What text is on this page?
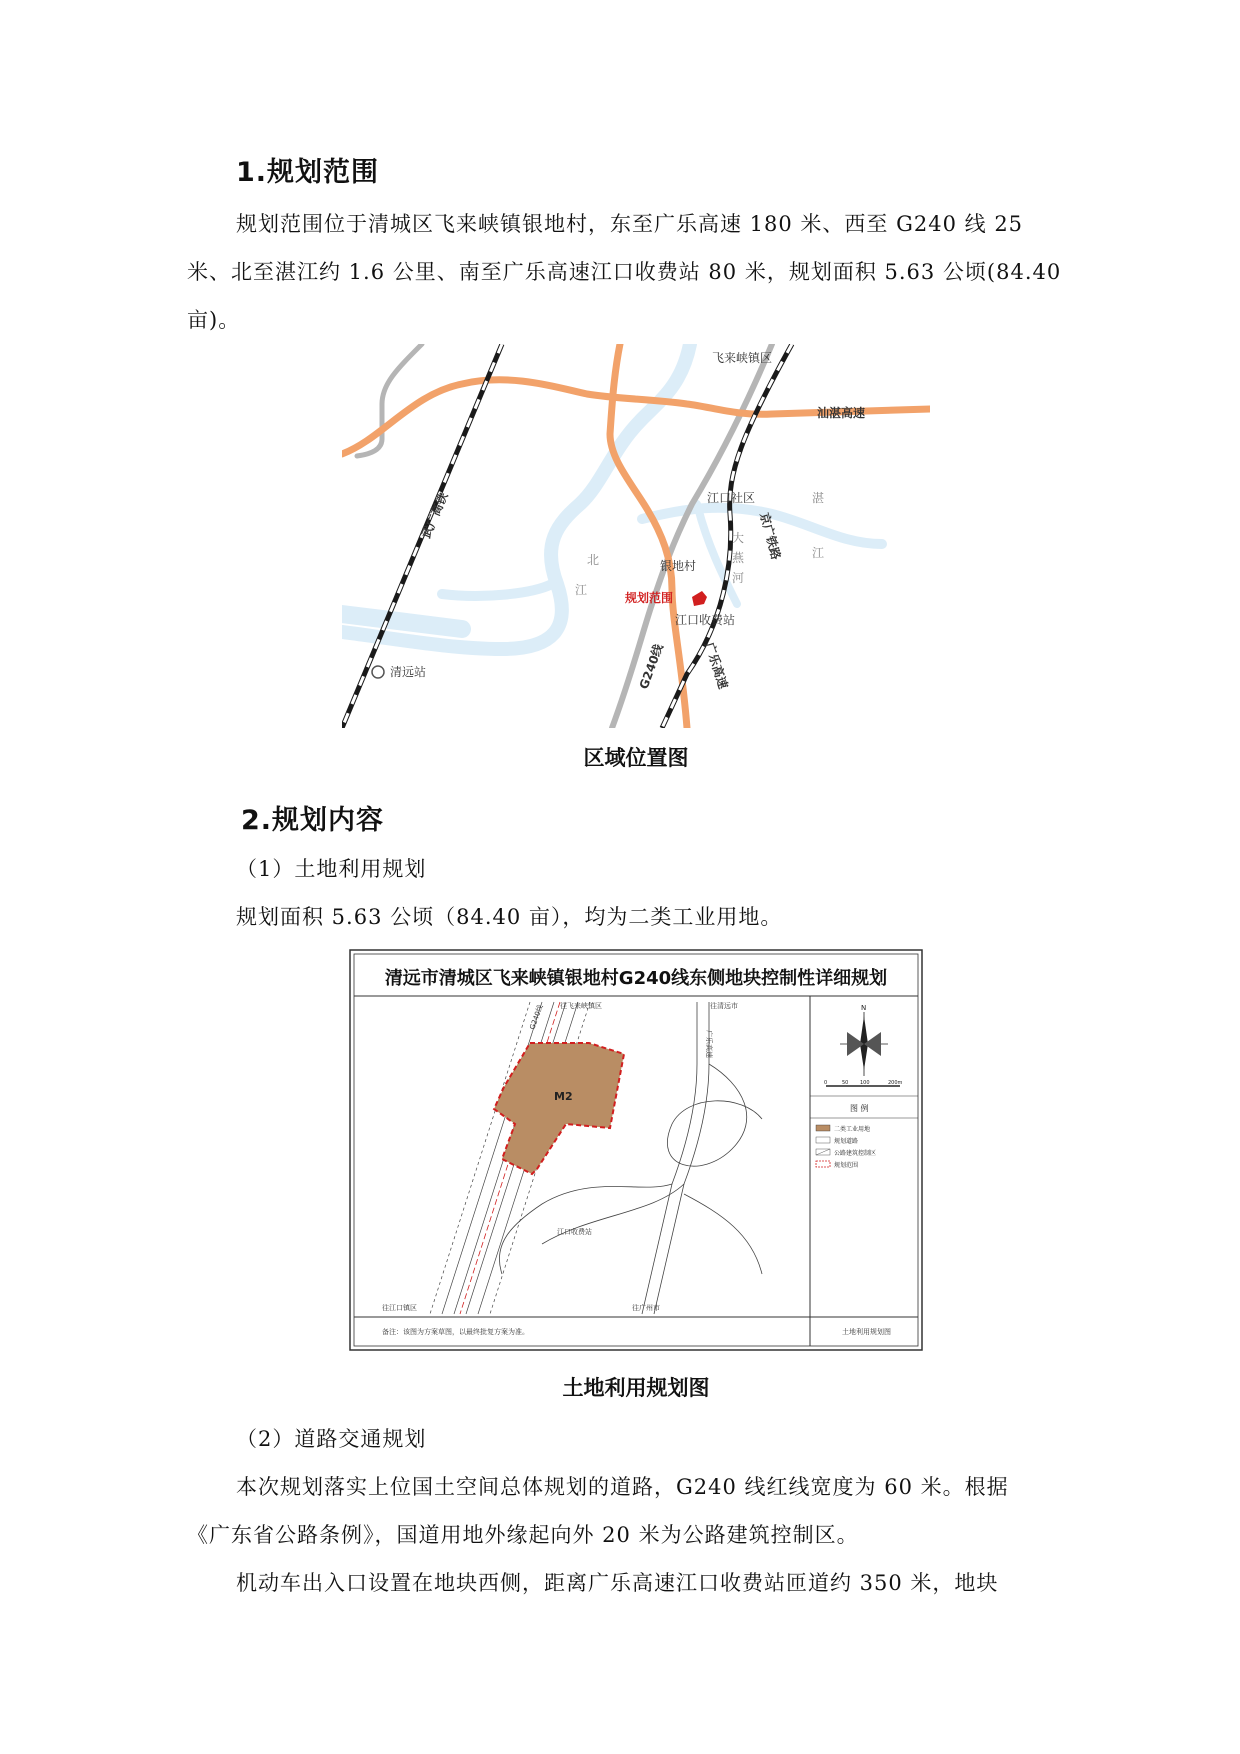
1.规划范围
规划范围位于清城区飞来峡镇银地村，东至广乐高速 180 米、西至 G240 线 25
米、北至湛江约 1.6 公里、南至广乐高速江口收费站 80 米，规划面积 5.63 公顷(84.40
亩)。
飞来峡镇区
汕湛高速
武广高铁	江口社区
京广铁路
大
燕
河
湛
江
北
江
银地村
规划范围
江口收费站
G240线	广乐高速
清远站
区域位置图
2.规划内容
（1）土地利用规划
规划面积 5.63 公顷（84.40 亩），均为二类工业用地。
清远市清城区飞来峡镇银地村G240线东侧地块控制性详细规划
M2
往飞来峡镇区	往清远市
G240线
广乐高速
江口收费站
往江口镇区	往广州市
N
0	50 100	200m
图 例
二类工业用地
规划道路
公路建筑控制区
规划范围
备注：该图为方案草图，以最终批复方案为准。	土地利用规划图
土地利用规划图
（2）道路交通规划
本次规划落实上位国土空间总体规划的道路，G240 线红线宽度为 60 米。根据
《广东省公路条例》，国道用地外缘起向外 20 米为公路建筑控制区。
机动车出入口设置在地块西侧，距离广乐高速江口收费站匝道约 350 米，地块
